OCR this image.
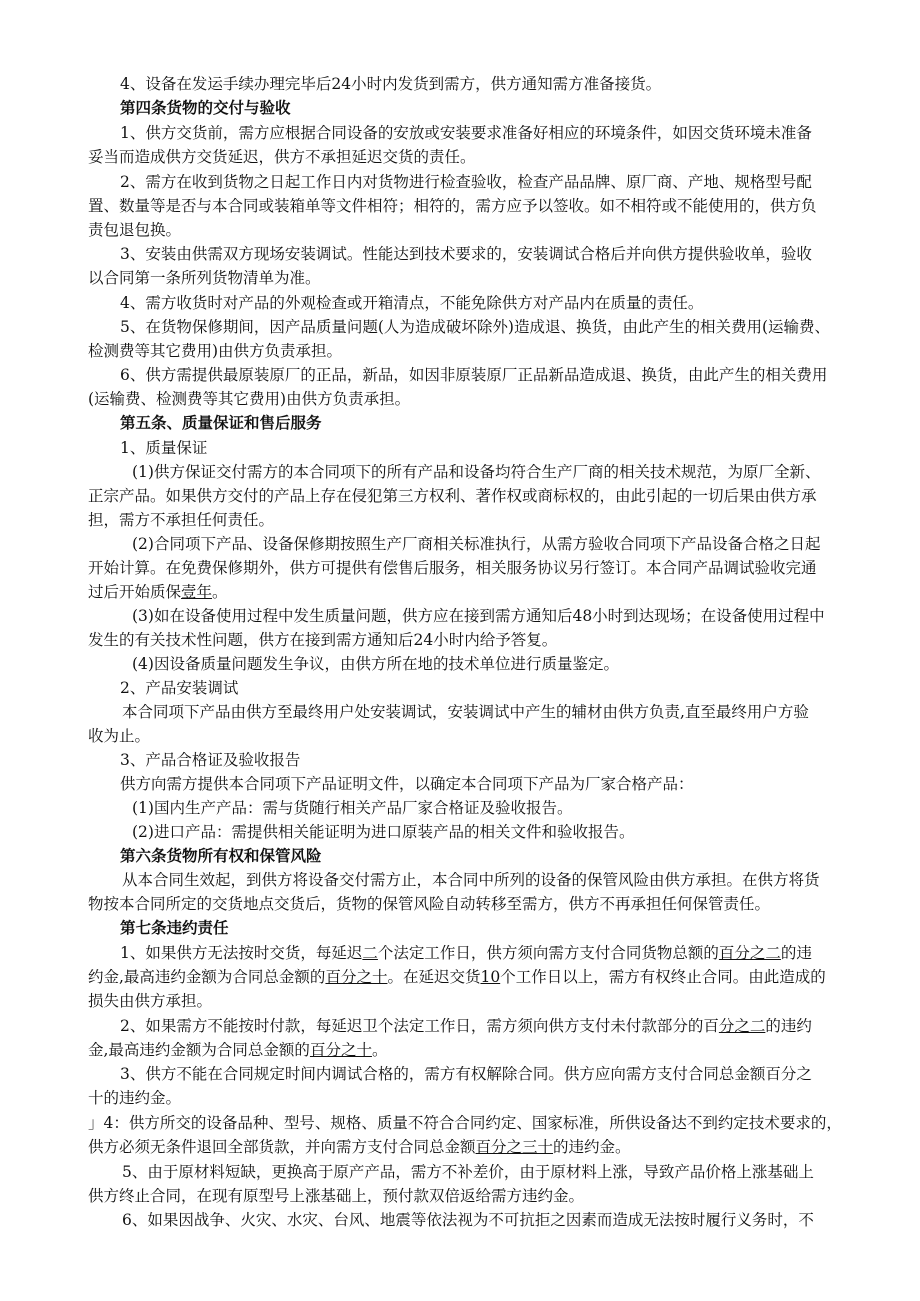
4、设备在发运手续办理完毕后24小时内发货到需方，供方通知需方准备接货。
第四条货物的交付与验收
1、供方交货前，需方应根据合同设备的安放或安装要求准备好相应的环境条件，如因交货环境未准备
妥当而造成供方交货延迟，供方不承担延迟交货的责任。
2、需方在收到货物之日起工作日内对货物进行检查验收，检查产品品牌、原厂商、产地、规格型号配
置、数量等是否与本合同或装箱单等文件相符；相符的，需方应予以签收。如不相符或不能使用的，供方负
责包退包换。
3、安装由供需双方现场安装调试。性能达到技术要求的，安装调试合格后并向供方提供验收单，验收
以合同第一条所列货物清单为准。
4、需方收货时对产品的外观检查或开箱清点，不能免除供方对产品内在质量的责任。
5、在货物保修期间，因产品质量问题(人为造成破坏除外)造成退、换货，由此产生的相关费用(运输费、
检测费等其它费用)由供方负责承担。
6、供方需提供最原装原厂的正品，新品，如因非原装原厂正品新品造成退、换货，由此产生的相关费用
(运输费、检测费等其它费用)由供方负责承担。
第五条、质量保证和售后服务
1、质量保证
(1)供方保证交付需方的本合同项下的所有产品和设备均符合生产厂商的相关技术规范，为原厂全新、
正宗产品。如果供方交付的产品上存在侵犯第三方权利、著作权或商标权的，由此引起的一切后果由供方承
担，需方不承担任何责任。
(2)合同项下产品、设备保修期按照生产厂商相关标准执行，从需方验收合同项下产品设备合格之日起
开始计算。在免费保修期外，供方可提供有偿售后服务，相关服务协议另行签订。本合同产品调试验收完通
过后开始质保壹年。
(3)如在设备使用过程中发生质量问题，供方应在接到需方通知后48小时到达现场；在设备使用过程中
发生的有关技术性问题，供方在接到需方通知后24小时内给予答复。
(4)因设备质量问题发生争议，由供方所在地的技术单位进行质量鉴定。
2、产品安装调试
本合同项下产品由供方至最终用户处安装调试，安装调试中产生的辅材由供方负责,直至最终用户方验
收为止。
3、产品合格证及验收报告
供方向需方提供本合同项下产品证明文件，以确定本合同项下产品为厂家合格产品：
(1)国内生产产品：需与货随行相关产品厂家合格证及验收报告。
(2)进口产品：需提供相关能证明为进口原装产品的相关文件和验收报告。
第六条货物所有权和保管风险
从本合同生效起，到供方将设备交付需方止，本合同中所列的设备的保管风险由供方承担。在供方将货
物按本合同所定的交货地点交货后，货物的保管风险自动转移至需方，供方不再承担任何保管责任。
第七条违约责任
1、如果供方无法按时交货，每延迟二个法定工作日，供方须向需方支付合同货物总额的百分之二的违
约金,最高违约金额为合同总金额的百分之十。在延迟交货10个工作日以上，需方有权终止合同。由此造成的
损失由供方承担。
2、如果需方不能按时付款，每延迟卫个法定工作日，需方须向供方支付未付款部分的百分之二的违约
金,最高违约金额为合同总金额的百分之十。
3、供方不能在合同规定时间内调试合格的，需方有权解除合同。供方应向需方支付合同总金额百分之
十的违约金。
」4：供方所交的设备品种、型号、规格、质量不符合合同约定、国家标准，所供设备达不到约定技术要求的，
供方必须无条件退回全部货款，并向需方支付合同总金额百分之三十的违约金。
5、由于原材料短缺，更换高于原产产品，需方不补差价，由于原材料上涨，导致产品价格上涨基础上
供方终止合同，在现有原型号上涨基础上，预付款双倍返给需方违约金。
6、如果因战争、火灾、水灾、台风、地震等依法视为不可抗拒之因素而造成无法按时履行义务时，不
